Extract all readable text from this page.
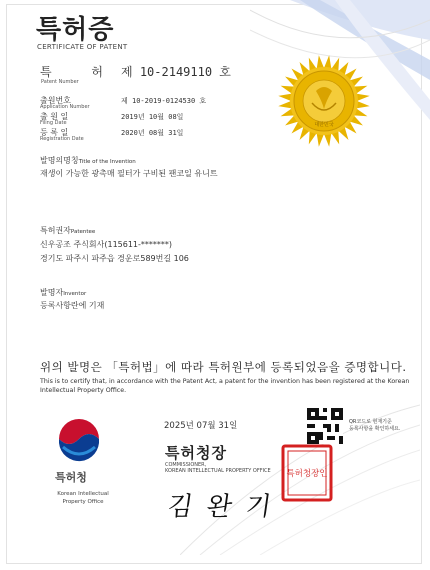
대한민국
특허증
CERTIFICATE OF PATENT
특 허
Patent Number
제 10-2149110 호
출원번호
Application Number
제 10-2019-0124530 호
출 원 일
Filing Date
2019년 10월 08일
등 록 일
Registration Date
2020년 08월 31일
발명의명칭Title of the Invention
재생이 가능한 광촉매 필터가 구비된 팬코일 유니트
특허권자Patentee
신우공조 주식회사(115611-*******)
경기도 파주시 파주읍 경운로589번길 106
발명자Inventor
등록사항란에 기재
위의 발명은 「특허법」에 따라 특허원부에 등록되었음을 증명합니다.
This is to certify that, in accordance with the Patent Act, a patent for the invention has been registered at the Korean Intellectual Property Office.
특허청
Korean Intellectual
Property Office
2025년 07월 31일
특허청장
COMMISSIONER,
KOREAN INTELLECTUAL PROPERTY OFFICE
김완기
QR코드로 현재기준
등록사항을 확인하세요.
특허청장인
